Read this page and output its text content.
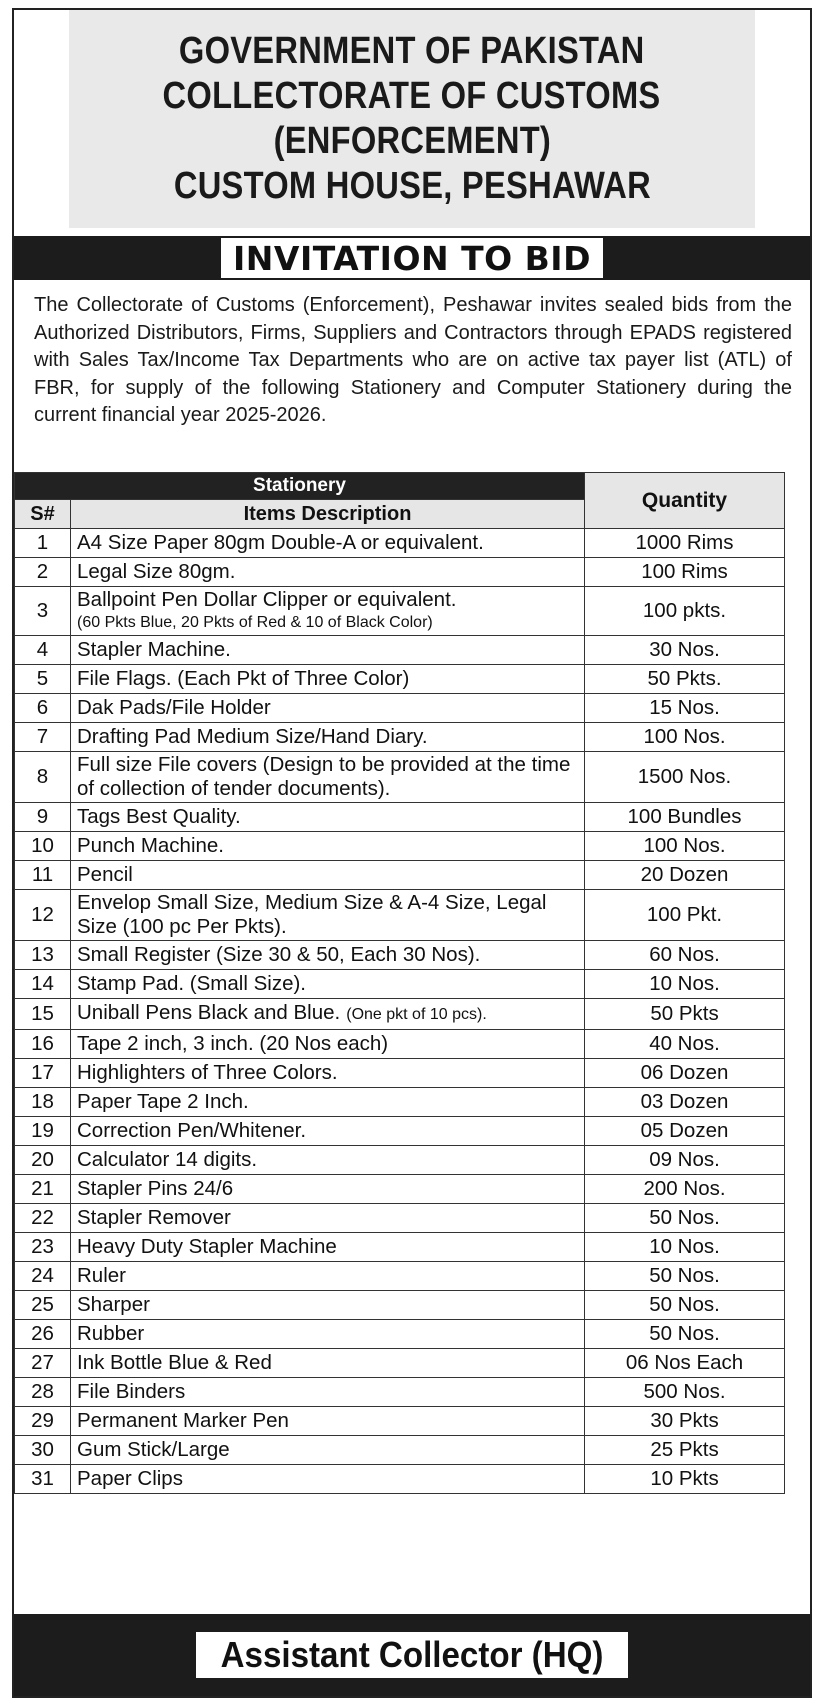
GOVERNMENT OF PAKISTAN
COLLECTORATE OF CUSTOMS
(ENFORCEMENT)
CUSTOM HOUSE, PESHAWAR
INVITATION TO BID
The Collectorate of Customs (Enforcement), Peshawar invites sealed bids from the Authorized Distributors, Firms, Suppliers and Contractors through EPADS registered with Sales Tax/Income Tax Departments who are on active tax payer list (ATL) of FBR, for supply of the following Stationery and Computer Stationery during the current financial year 2025-2026.
Assistant Collector (HQ)
Stationery		Quantity
S#	Items Description	
1	A4 Size Paper 80gm Double-A or equivalent.	1000 Rims
2	Legal Size 80gm.	100 Rims
3	Ballpoint Pen Dollar Clipper or equivalent.
(60 Pkts Blue, 20 Pkts of Red & 10 of Black Color)	100 pkts.
4	Stapler Machine.	30 Nos.
5	File Flags. (Each Pkt of Three Color)	50 Pkts.
6	Dak Pads/File Holder	15 Nos.
7	Drafting Pad Medium Size/Hand Diary.	100 Nos.
8	Full size File covers (Design to be provided at the time of collection of tender documents).	1500 Nos.
9	Tags Best Quality.	100 Bundles
10	Punch Machine.	100 Nos.
11	Pencil	20 Dozen
12	Envelop Small Size, Medium Size & A-4 Size, Legal Size (100 pc Per Pkts).	100 Pkt.
13	Small Register (Size 30 & 50, Each 30 Nos).	60 Nos.
14	Stamp Pad. (Small Size).	10 Nos.
15	Uniball Pens Black and Blue. (One pkt of 10 pcs).	50 Pkts
16	Tape 2 inch, 3 inch. (20 Nos each)	40 Nos.
17	Highlighters of Three Colors.	06 Dozen
18	Paper Tape 2 Inch.	03 Dozen
19	Correction Pen/Whitener.	05 Dozen
20	Calculator 14 digits.	09 Nos.
21	Stapler Pins 24/6	200 Nos.
22	Stapler Remover	50 Nos.
23	Heavy Duty Stapler Machine	10 Nos.
24	Ruler	50 Nos.
25	Sharper	50 Nos.
26	Rubber	50 Nos.
27	Ink Bottle Blue & Red	06 Nos Each
28	File Binders	500 Nos.
29	Permanent Marker Pen	30 Pkts
30	Gum Stick/Large	25 Pkts
31	Paper Clips	10 Pkts
